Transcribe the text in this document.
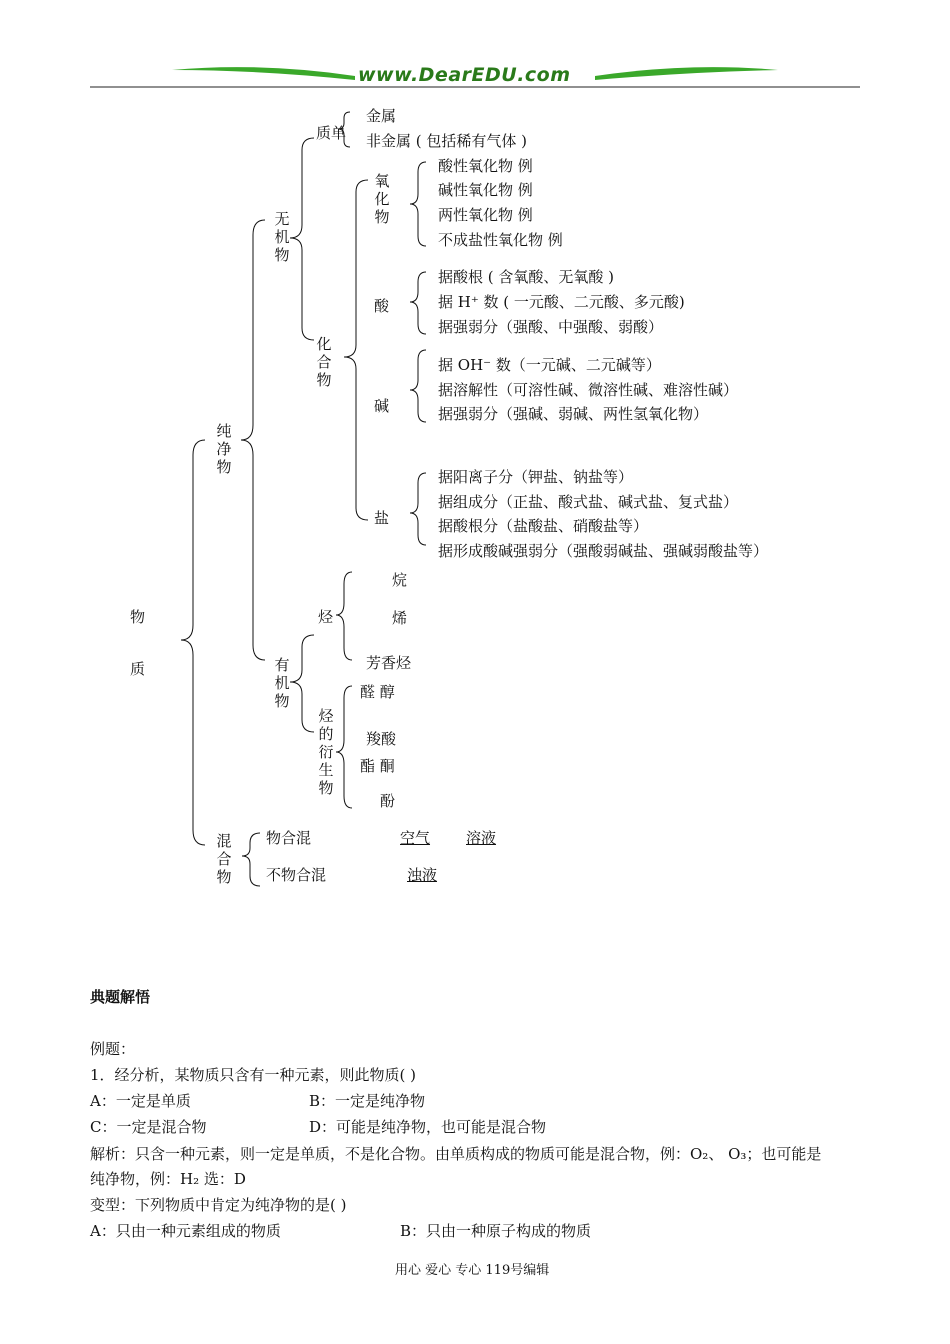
www.DearEDU.com
物
质
纯净物
无机物
质单
金属
非金属 ( 包括稀有气体 )
化合物
氧化物
酸性氧化物 例
碱性氧化物 例
两性氧化物 例
不成盐性氧化物 例
酸
据酸根 ( 含氧酸、无氧酸 )
据 H⁺ 数 ( 一元酸、二元酸、多元酸)
据强弱分（强酸、中强酸、弱酸）
碱
据 OH⁻ 数（一元碱、二元碱等）
据溶解性（可溶性碱、微溶性碱、难溶性碱）
据强弱分（强碱、弱碱、两性氢氧化物）
盐
据阳离子分（钾盐、钠盐等）
据组成分（正盐、酸式盐、碱式盐、复式盐）
据酸根分（盐酸盐、硝酸盐等）
据形成酸碱强弱分（强酸弱碱盐、强碱弱酸盐等）
有机物
烃
烷
烯
芳香烃
烃的衍生物
醛 醇
羧酸
酯 酮
酚
混合物
物合混	空气 溶液
不物合混	浊液
典题解悟
例题：
1．经分析，某物质只含有一种元素，则此物质( )
A：一定是单质	B：一定是纯净物
C：一定是混合物	D：可能是纯净物，也可能是混合物
解析：只含一种元素，则一定是单质，不是化合物。由单质构成的物质可能是混合物，例：O₂、 O₃；也可能是
纯净物，例：H₂ 选：D
变型：下列物质中肯定为纯净物的是( )
A：只由一种元素组成的物质	B：只由一种原子构成的物质
用心 爱心 专心 119号编辑
